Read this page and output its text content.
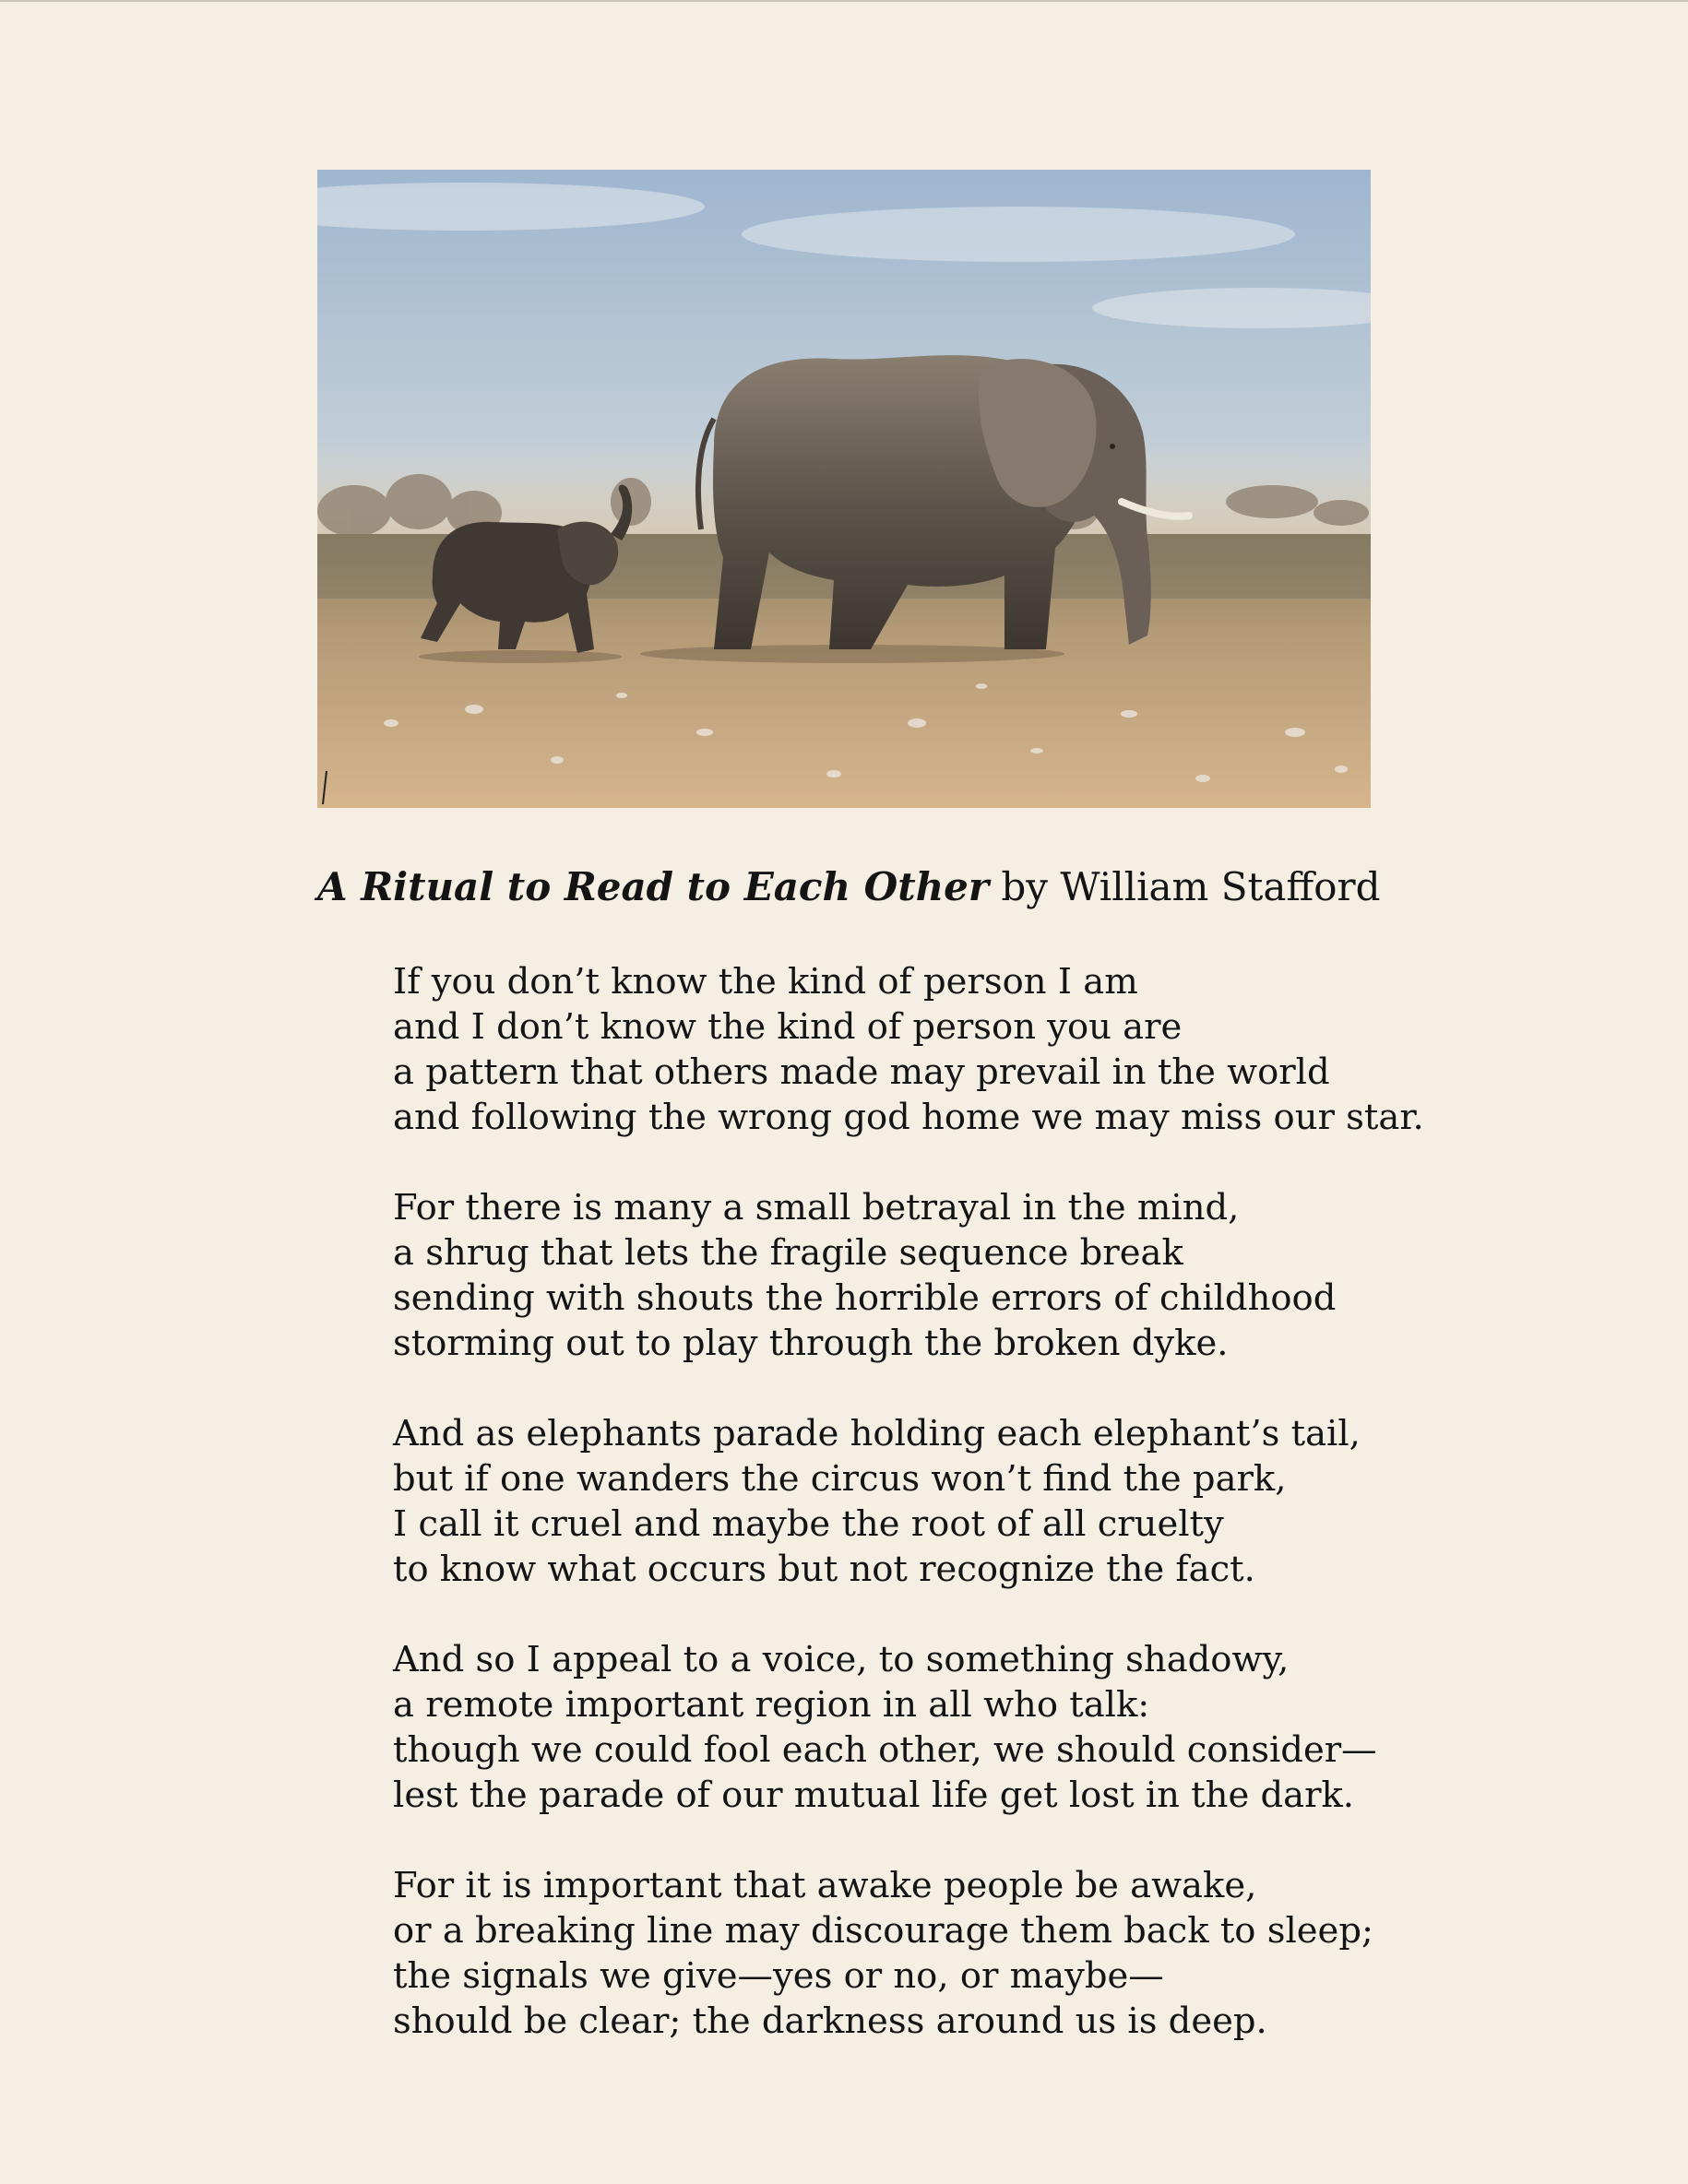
A Ritual to Read to Each Other by William Stafford
If you don’t know the kind of person I am
and I don’t know the kind of person you are
a pattern that others made may prevail in the world
and following the wrong god home we may miss our star.
For there is many a small betrayal in the mind,
a shrug that lets the fragile sequence break
sending with shouts the horrible errors of childhood
storming out to play through the broken dyke.
And as elephants parade holding each elephant’s tail,
but if one wanders the circus won’t find the park,
I call it cruel and maybe the root of all cruelty
to know what occurs but not recognize the fact.
And so I appeal to a voice, to something shadowy,
a remote important region in all who talk:
though we could fool each other, we should consider—
lest the parade of our mutual life get lost in the dark.
For it is important that awake people be awake,
or a breaking line may discourage them back to sleep;
the signals we give—yes or no, or maybe—
should be clear; the darkness around us is deep.
